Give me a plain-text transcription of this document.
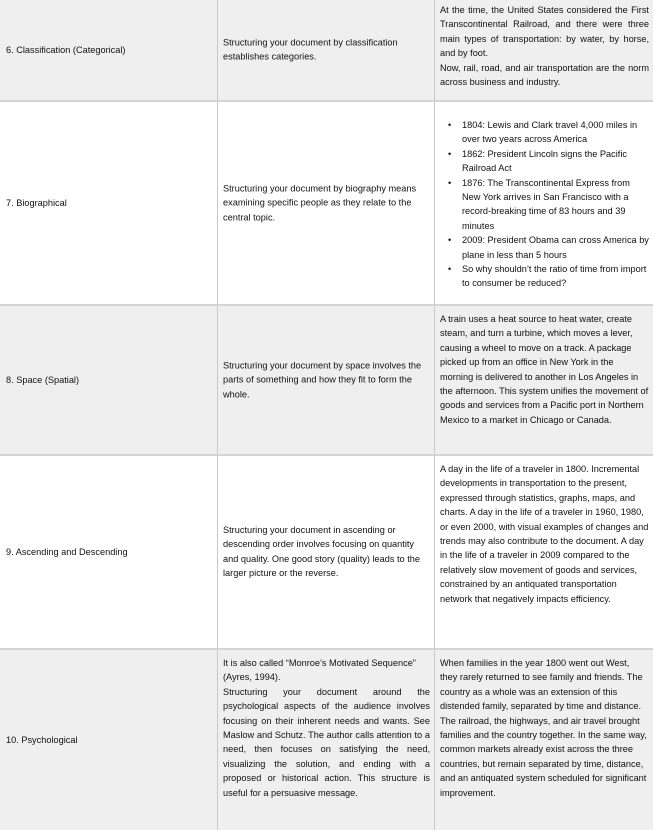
6. Classification (Categorical)

Structuring your document by classification establishes categories.

At the time, the United States considered the First Transcontinental Railroad, and there were three main types of transportation: by water, by horse, and by foot.

Now, rail, road, and air transportation are the norm across business and industry.

7. Biographical

Structuring your document by biography means examining specific people as they relate to the central topic.

• 1804: Lewis and Clark travel 4,000 miles in over two years across America
• 1862: President Lincoln signs the Pacific Railroad Act
• 1876: The Transcontinental Express from New York arrives in San Francisco with a record-breaking time of 83 hours and 39 minutes
• 2009: President Obama can cross America by plane in less than 5 hours
• So why shouldn’t the ratio of time from import to consumer be reduced?

8. Space (Spatial)

Structuring your document by space involves the parts of something and how they fit to form the whole.

A train uses a heat source to heat water, create steam, and turn a turbine, which moves a lever, causing a wheel to move on a track. A package picked up from an office in New York in the morning is delivered to another in Los Angeles in the afternoon. This system unifies the movement of goods and services from a Pacific port in Northern Mexico to a market in Chicago or Canada.

9. Ascending and Descending

Structuring your document in ascending or descending order involves focusing on quantity and quality. One good story (quality) leads to the larger picture or the reverse.

A day in the life of a traveler in 1800. Incremental developments in transportation to the present, expressed through statistics, graphs, maps, and charts. A day in the life of a traveler in 1960, 1980, or even 2000, with visual examples of changes and trends may also contribute to the document. A day in the life of a traveler in 2009 compared to the relatively slow movement of goods and services, constrained by an antiquated transportation network that negatively impacts efficiency.

10. Psychological

It is also called “Monroe’s Motivated Sequence” (Ayres, 1994).

Structuring your document around the psychological aspects of the audience involves focusing on their inherent needs and wants. See Maslow and Schutz. The author calls attention to a need, then focuses on satisfying the need, visualizing the solution, and ending with a proposed or historical action. This structure is useful for a persuasive message.

When families in the year 1800 went out West, they rarely returned to see family and friends. The country as a whole was an extension of this distended family, separated by time and distance. The railroad, the highways, and air travel brought families and the country together. In the same way, common markets already exist across the three countries, but remain separated by time, distance, and an antiquated system scheduled for significant improvement.
